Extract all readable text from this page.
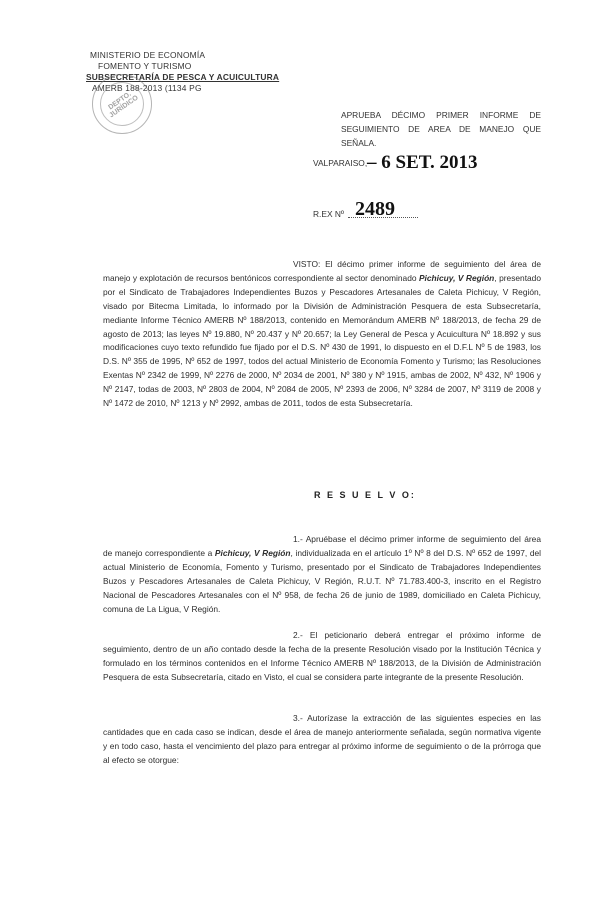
MINISTERIO DE ECONOMÍA
FOMENTO Y TURISMO
SUBSECRETARÍA DE PESCA Y ACUICULTURA
AMERB 188-2013 (1134 PG
DEPTO. JURÍDICO	APRUEBA DÉCIMO PRIMER INFORME DE SEGUIMIENTO DE AREA DE MANEJO QUE SEÑALA.
VALPARAISO, – 6 SET. 2013
R.EX Nº 2489
VISTO: El décimo primer informe de seguimiento del área de manejo y explotación de recursos bentónicos correspondiente al sector denominado Pichicuy, V Región, presentado por el Sindicato de Trabajadores Independientes Buzos y Pescadores Artesanales de Caleta Pichicuy, V Región, visado por Bitecma Limitada, lo informado por la División de Administración Pesquera de esta Subsecretaría, mediante Informe Técnico AMERB Nº 188/2013, contenido en Memorándum AMERB Nº 188/2013, de fecha 29 de agosto de 2013; las leyes Nº 19.880, Nº 20.437 y Nº 20.657; la Ley General de Pesca y Acuicultura Nº 18.892 y sus modificaciones cuyo texto refundido fue fijado por el D.S. Nº 430 de 1991, lo dispuesto en el D.F.L Nº 5 de 1983, los D.S. Nº 355 de 1995, Nº 652 de 1997, todos del actual Ministerio de Economía Fomento y Turismo; las Resoluciones Exentas Nº 2342 de 1999, Nº 2276 de 2000, Nº 2034 de 2001, Nº 380 y Nº 1915, ambas de 2002, Nº 432, Nº 1906 y Nº 2147, todas de 2003, Nº 2803 de 2004, Nº 2084 de 2005, Nº 2393 de 2006, Nº 3284 de 2007, Nº 3119 de 2008 y Nº 1472 de 2010, Nº 1213 y Nº 2992, ambas de 2011, todos de esta Subsecretaría.
R E S U E L V O:
1.- Apruébase el décimo primer informe de seguimiento del área de manejo correspondiente a Pichicuy, V Región, individualizada en el artículo 1º Nº 8 del D.S. Nº 652 de 1997, del actual Ministerio de Economía, Fomento y Turismo, presentado por el Sindicato de Trabajadores Independientes Buzos y Pescadores Artesanales de Caleta Pichicuy, V Región, R.U.T. Nº 71.783.400-3, inscrito en el Registro Nacional de Pescadores Artesanales con el Nº 958, de fecha 26 de junio de 1989, domiciliado en Caleta Pichicuy, comuna de La Ligua, V Región.
2.- El peticionario deberá entregar el próximo informe de seguimiento, dentro de un año contado desde la fecha de la presente Resolución visado por la Institución Técnica y formulado en los términos contenidos en el Informe Técnico AMERB Nº 188/2013, de la División de Administración Pesquera de esta Subsecretaría, citado en Visto, el cual se considera parte integrante de la presente Resolución.
3.- Autorízase la extracción de las siguientes especies en las cantidades que en cada caso se indican, desde el área de manejo anteriormente señalada, según normativa vigente y en todo caso, hasta el vencimiento del plazo para entregar al próximo informe de seguimiento o de la prórroga que al efecto se otorgue:
